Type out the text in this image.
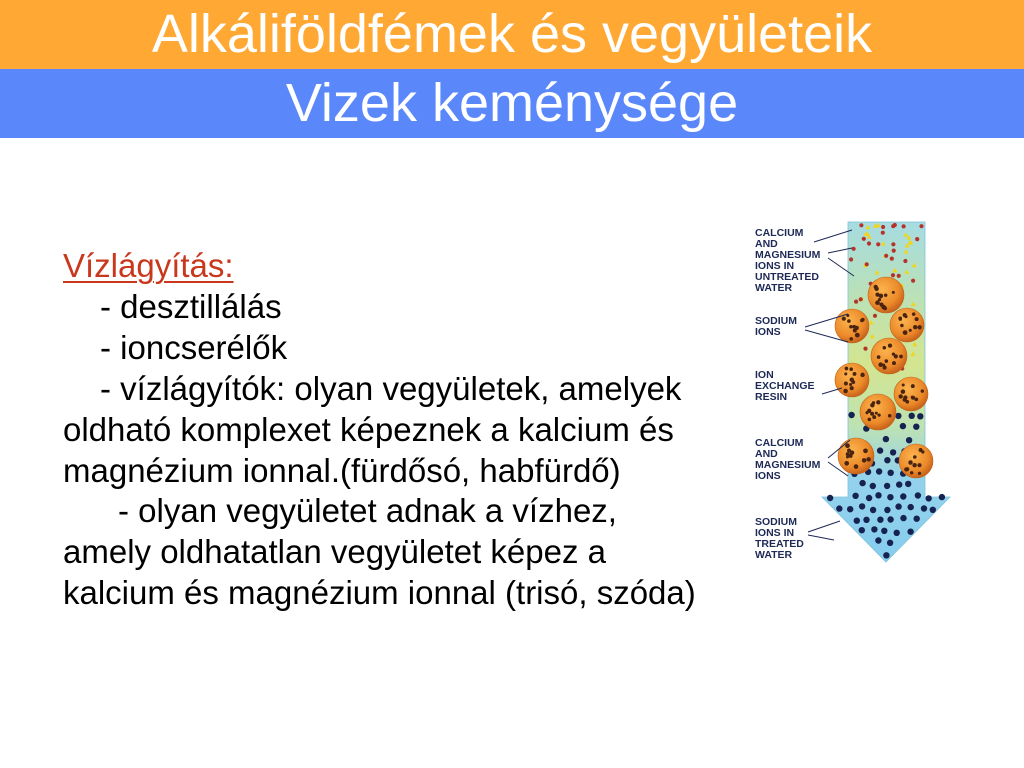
Alkáliföldfémek és vegyületeik
Vizek keménysége
Vízlágyítás:
- desztillálás
- ioncserélők
- vízlágyítók: olyan vegyületek, amelyek
oldható komplexet képeznek a kalcium és
magnézium ionnal.(fürdősó, habfürdő)
- olyan vegyületet adnak a vízhez,
amely oldhatatlan vegyületet képez a
kalcium és magnézium ionnal (trisó, szóda)
CALCIUM
AND
MAGNESIUM
IONS IN
UNTREATED
WATER
SODIUM
IONS
ION
EXCHANGE
RESIN
CALCIUM
AND
MAGNESIUM
IONS
SODIUM
IONS IN
TREATED
WATER
